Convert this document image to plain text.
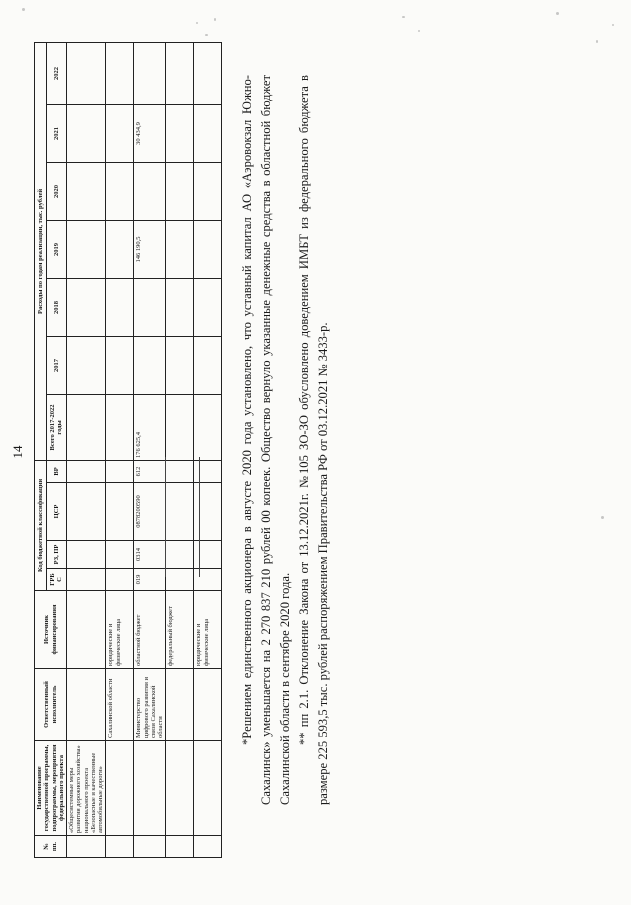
14
№ пп.	Наименование государственной программы, подпрограммы, мероприятия федерального проекта	Ответственный исполнитель	Источник финансирования	Код бюджетной классификации				Расходы по годам реализации, тыс. рублей						
				ГРБС	РЗ, ПР	ЦСР	ВР	Всего 2017-2022 годы	2017	2018	2019	2020	2021	2022
	«Общесистемные меры развития дорожного хозяйства» национального проекта «Безопасные и качественные автомобильные дороги»													
		Сахалинской области	юридические и физические лица											
		Министерство цифрового развития и связи Сахалинской области	областной бюджет	019	0314	0878200590	612	176 625,4			146 190,5		30 434,9	
			федеральный бюджет											
			юридические и физические лица											*Решением единственного акционера в августе 2020 года установлено, что уставный капитал АО «Аэровокзал Южно-Сахалинск» уменьшается на 2 270 837 210 рублей 00 копеек. Общество вернуло указанные денежные средства в областной бюджет Сахалинской области в сентябре 2020 года. ** пп 2.1. Отклонение Закона от 13.12.2021г. №105 ЗО-ЗО обусловлено доведением ИМБТ из федерального бюджета в размере 225 593,5 тыс. рублей распоряжением Правительства РФ от 03.12.2021 № 3433-р.
